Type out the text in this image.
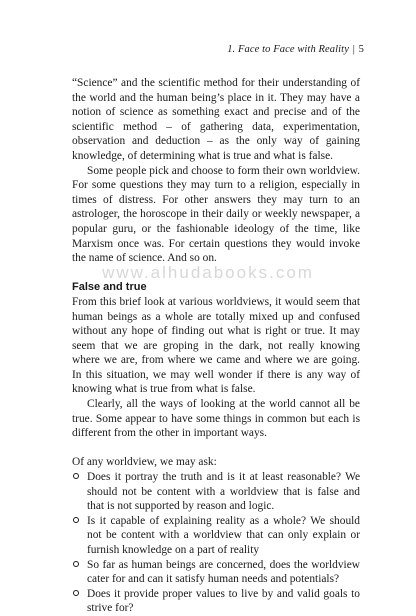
1. Face to Face with Reality | 5

“Science” and the scientific method for their understanding of the world and the human being’s place in it. They may have a notion of science as something exact and precise and of the scientific method – of gathering data, experimentation, observation and deduction – as the only way of gaining knowledge, of determining what is true and what is false.

Some people pick and choose to form their own worldview. For some questions they may turn to a religion, especially in times of distress. For other answers they may turn to an astrologer, the horoscope in their daily or weekly newspaper, a popular guru, or the fashionable ideology of the time, like Marxism once was. For certain questions they would invoke the name of science. And so on.

False and true

From this brief look at various worldviews, it would seem that human beings as a whole are totally mixed up and confused without any hope of finding out what is right or true. It may seem that we are groping in the dark, not really knowing where we are, from where we came and where we are going. In this situation, we may well wonder if there is any way of knowing what is true from what is false.

Clearly, all the ways of looking at the world cannot all be true. Some appear to have some things in common but each is different from the other in important ways.

Of any worldview, we may ask:

Does it portray the truth and is it at least reasonable? We should not be content with a worldview that is false and that is not supported by reason and logic.
Is it capable of explaining reality as a whole? We should not be content with a worldview that can only explain or furnish knowledge on a part of reality
So far as human beings are concerned, does the worldview cater for and can it satisfy human needs and potentials?
Does it provide proper values to live by and valid goals to strive for?
www.alhudabooks.com
